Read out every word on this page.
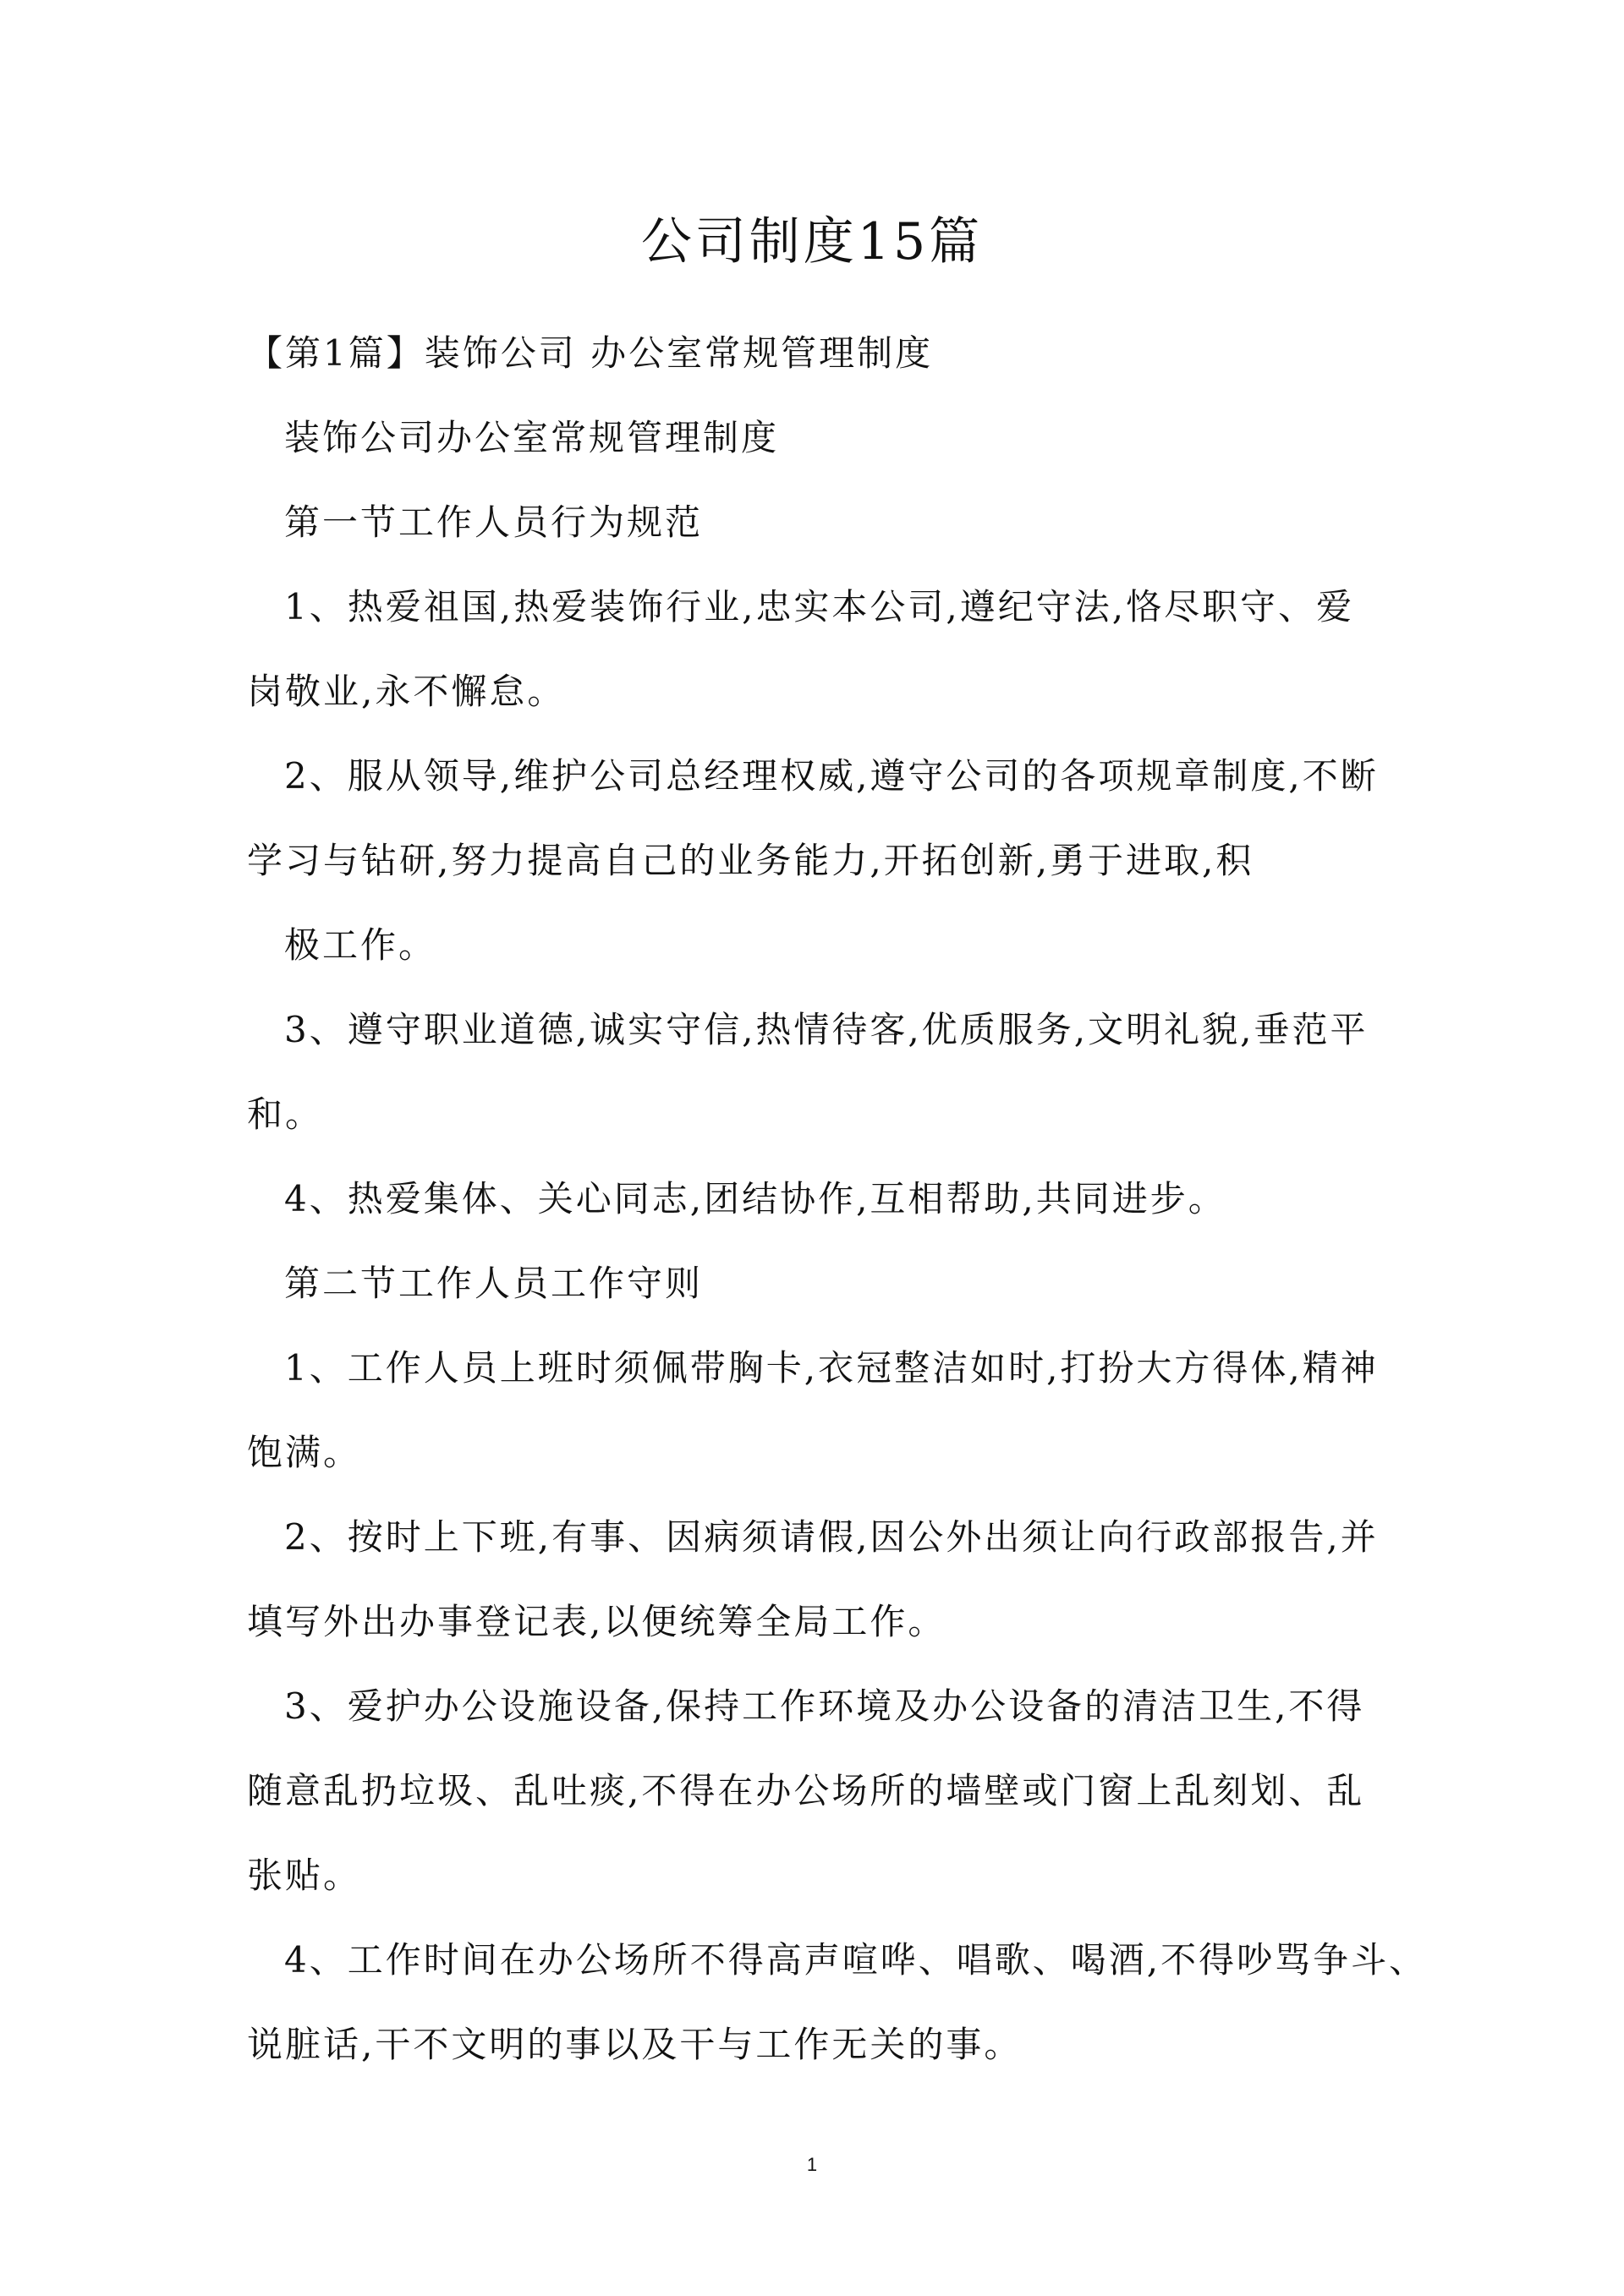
公司制度15篇

【第1篇】装饰公司 办公室常规管理制度

装饰公司办公室常规管理制度

第一节工作人员行为规范

1、热爱祖国,热爱装饰行业,忠实本公司,遵纪守法,恪尽职守、爱

岗敬业,永不懈怠。

2、服从领导,维护公司总经理权威,遵守公司的各项规章制度,不断

学习与钻研,努力提高自己的业务能力,开拓创新,勇于进取,积

极工作。

3、遵守职业道德,诚实守信,热情待客,优质服务,文明礼貌,垂范平

和。

4、热爱集体、关心同志,团结协作,互相帮助,共同进步。

第二节工作人员工作守则

1、工作人员上班时须佩带胸卡,衣冠整洁如时,打扮大方得体,精神

饱满。

2、按时上下班,有事、因病须请假,因公外出须让向行政部报告,并

填写外出办事登记表,以便统筹全局工作。

3、爱护办公设施设备,保持工作环境及办公设备的清洁卫生,不得

随意乱扔垃圾、乱吐痰,不得在办公场所的墙壁或门窗上乱刻划、乱

张贴。

4、工作时间在办公场所不得高声喧哗、唱歌、喝酒,不得吵骂争斗、

说脏话,干不文明的事以及干与工作无关的事。

1
